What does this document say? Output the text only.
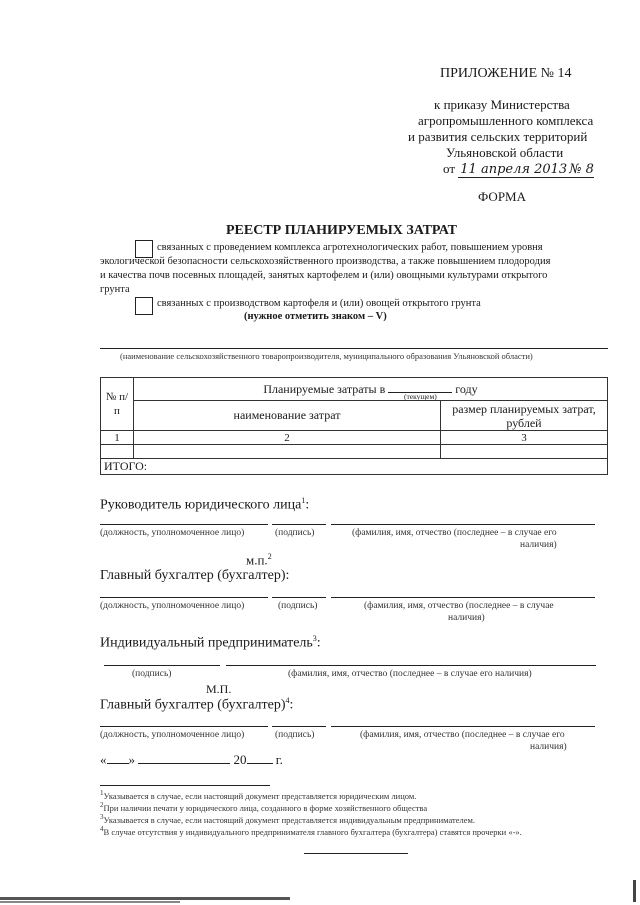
ПРИЛОЖЕНИЕ № 14
к приказу Министерства
агропромышленного комплекса
и развития сельских территорий
Ульяновской области
от 11 апреля 2013 № 8
ФОРМА
РЕЕСТР ПЛАНИРУЕМЫХ ЗАТРАТ
связанных с проведением комплекса агротехнологических работ, повышением уровня
экологической безопасности сельскохозяйственного производства, а также повышением плодородия
и качества почв посевных площадей, занятых картофелем и (или) овощными культурами открытого
грунта
связанных с производством картофеля и (или) овощей открытого грунта
(нужное отметить знаком – V)
(наименование сельскохозяйственного товаропроизводителя, муниципального образования Ульяновской области)
№ п/п	Планируемые затраты в году
(текущем)	

	наименование затрат	размер планируемых затрат, рублей
1	2	3

ИТОГО:		
Руководитель юридического лица$^1$:
(должность, уполномоченное лицо)	(подпись)	(фамилия, имя, отчество (последнее – в случае его
наличия)
м.п.$^2$
Главный бухгалтер (бухгалтер):
(должность, уполномоченное лицо)	(подпись)	(фамилия, имя, отчество (последнее – в случае
наличия)
Индивидуальный предприниматель$^3$:
(подпись)	(фамилия, имя, отчество (последнее – в случае его наличия)
М.П.
Главный бухгалтер (бухгалтер)$^4$:
(должность, уполномоченное лицо)	(подпись)	(фамилия, имя, отчество (последнее – в случае его
наличия)
« »	20 г.
$^1$Указывается в случае, если настоящий документ представляется юридическим лицом.
$^2$При наличии печати у юридического лица, созданного в форме хозяйственного общества
$^3$Указывается в случае, если настоящий документ представляется индивидуальным предпринимателем.
$^4$В случае отсутствия у индивидуального предпринимателя главного бухгалтера (бухгалтера) ставятся прочерки «-».
